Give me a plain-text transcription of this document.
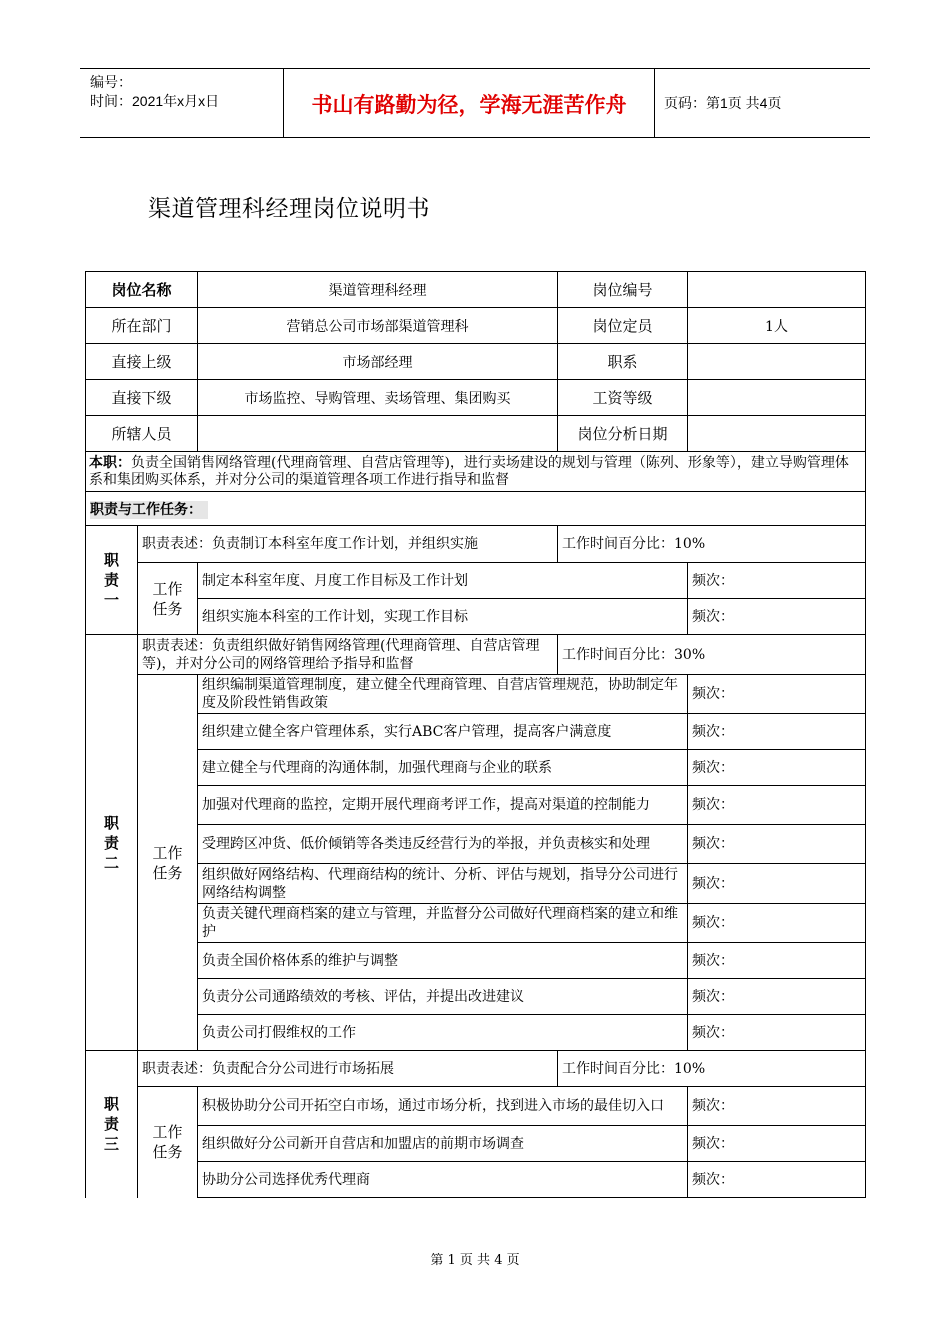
编号：
时间：2021年x月x日	书山有路勤为径，学海无涯苦作舟	页码：第1页 共4页
渠道管理科经理岗位说明书
岗位名称		渠道管理科经理	岗位编号	
所在部门		营销总公司市场部渠道管理科	岗位定员	1人
直接上级		市场部经理	职系	
直接下级		市场监控、导购管理、卖场管理、集团购买	工资等级	
所辖人员			岗位分析日期	
本职：负责全国销售网络管理(代理商管理、自营店管理等)，进行卖场建设的规划与管理（陈列、形象等），建立导购管理体系和集团购买体系，并对分公司的渠道管理各项工作进行指导和监督				
职责与工作任务：				
职责一	职责表述：负责制订本科室年度工作计划，并组织实施		工作时间百分比：10%	
	工作任务	制定本科室年度、月度工作目标及工作计划		频次：
		组织实施本科室的工作计划，实现工作目标		频次：
职责二	职责表述：负责组织做好销售网络管理(代理商管理、自营店管理等)，并对分公司的网络管理给予指导和监督		工作时间百分比：30%	
	工作任务	组织编制渠道管理制度，建立健全代理商管理、自营店管理规范，协助制定年度及阶段性销售政策		频次：
		组织建立健全客户管理体系，实行ABC客户管理，提高客户满意度		频次：
		建立健全与代理商的沟通体制，加强代理商与企业的联系		频次：
		加强对代理商的监控，定期开展代理商考评工作，提高对渠道的控制能力		频次：
		受理跨区冲货、低价倾销等各类违反经营行为的举报，并负责核实和处理		频次：
		组织做好网络结构、代理商结构的统计、分析、评估与规划，指导分公司进行网络结构调整		频次：
		负责关键代理商档案的建立与管理，并监督分公司做好代理商档案的建立和维护		频次：
		负责全国价格体系的维护与调整		频次：
		负责分公司通路绩效的考核、评估，并提出改进建议		频次：
		负责公司打假维权的工作		频次：
职责三	职责表述：负责配合分公司进行市场拓展		工作时间百分比：10%	
	工作任务	积极协助分公司开拓空白市场，通过市场分析，找到进入市场的最佳切入口		频次：
		组织做好分公司新开自营店和加盟店的前期市场调查		频次：
		协助分公司选择优秀代理商		频次：
第 1 页 共 4 页
